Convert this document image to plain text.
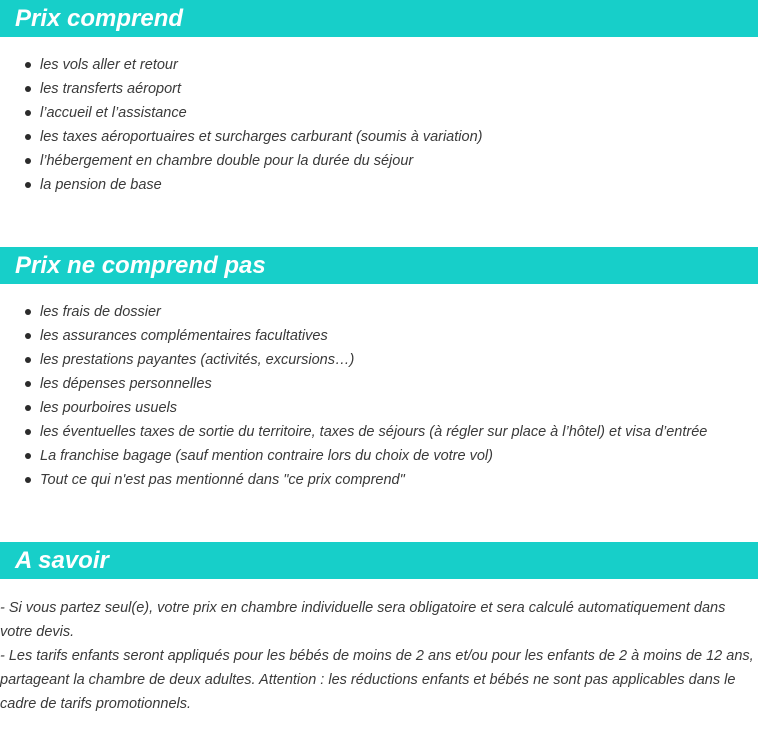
Prix comprend
les vols aller et retour
les transferts aéroport
l’accueil et l’assistance
les taxes aéroportuaires et surcharges carburant (soumis à variation)
l’hébergement en chambre double pour la durée du séjour
la pension de base
Prix ne comprend pas
les frais de dossier
les assurances complémentaires facultatives
les prestations payantes (activités, excursions…)
les dépenses personnelles
les pourboires usuels
les éventuelles taxes de sortie du territoire, taxes de séjours (à régler sur place à l’hôtel) et visa d’entrée
La franchise bagage (sauf mention contraire lors du choix de votre vol)
Tout ce qui n'est pas mentionné dans "ce prix comprend"
A savoir

- Si vous partez seul(e), votre prix en chambre individuelle sera obligatoire et sera calculé automatiquement dans votre devis.

- Les tarifs enfants seront appliqués pour les bébés de moins de 2 ans et/ou pour les enfants de 2 à moins de 12 ans, partageant la chambre de deux adultes. Attention : les réductions enfants et bébés ne sont pas applicables dans le cadre de tarifs promotionnels.
